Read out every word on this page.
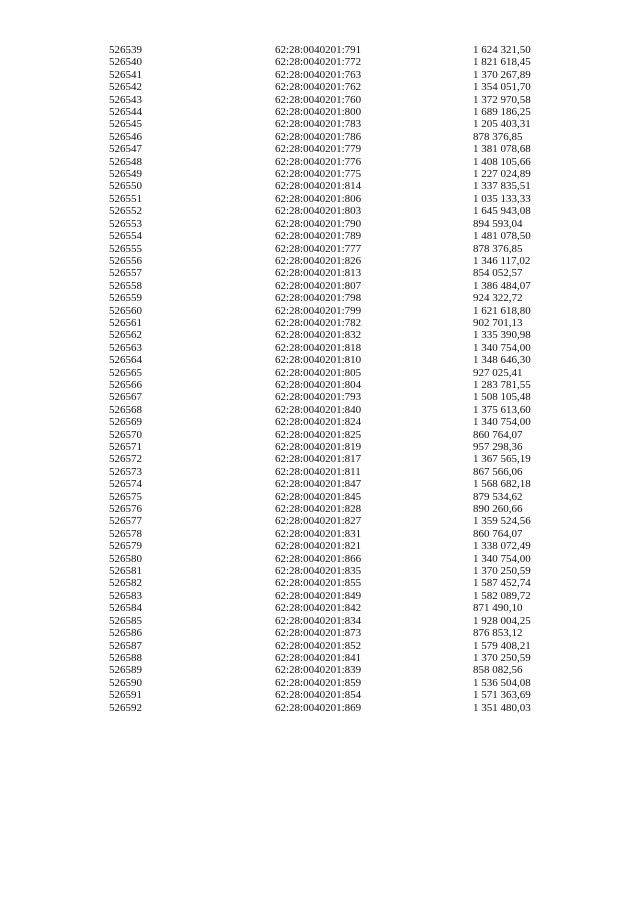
526539	62:28:0040201:791	1 624 321,50
526540	62:28:0040201:772	1 821 618,45
526541	62:28:0040201:763	1 370 267,89
526542	62:28:0040201:762	1 354 051,70
526543	62:28:0040201:760	1 372 970,58
526544	62:28:0040201:800	1 689 186,25
526545	62:28:0040201:783	1 205 403,31
526546	62:28:0040201:786	878 376,85
526547	62:28:0040201:779	1 381 078,68
526548	62:28:0040201:776	1 408 105,66
526549	62:28:0040201:775	1 227 024,89
526550	62:28:0040201:814	1 337 835,51
526551	62:28:0040201:806	1 035 133,33
526552	62:28:0040201:803	1 645 943,08
526553	62:28:0040201:790	894 593,04
526554	62:28:0040201:789	1 481 078,50
526555	62:28:0040201:777	878 376,85
526556	62:28:0040201:826	1 346 117,02
526557	62:28:0040201:813	854 052,57
526558	62:28:0040201:807	1 386 484,07
526559	62:28:0040201:798	924 322,72
526560	62:28:0040201:799	1 621 618,80
526561	62:28:0040201:782	902 701,13
526562	62:28:0040201:832	1 335 390,98
526563	62:28:0040201:818	1 340 754,00
526564	62:28:0040201:810	1 348 646,30
526565	62:28:0040201:805	927 025,41
526566	62:28:0040201:804	1 283 781,55
526567	62:28:0040201:793	1 508 105,48
526568	62:28:0040201:840	1 375 613,60
526569	62:28:0040201:824	1 340 754,00
526570	62:28:0040201:825	860 764,07
526571	62:28:0040201:819	957 298,36
526572	62:28:0040201:817	1 367 565,19
526573	62:28:0040201:811	867 566,06
526574	62:28:0040201:847	1 568 682,18
526575	62:28:0040201:845	879 534,62
526576	62:28:0040201:828	890 260,66
526577	62:28:0040201:827	1 359 524,56
526578	62:28:0040201:831	860 764,07
526579	62:28:0040201:821	1 338 072,49
526580	62:28:0040201:866	1 340 754,00
526581	62:28:0040201:835	1 370 250,59
526582	62:28:0040201:855	1 587 452,74
526583	62:28:0040201:849	1 582 089,72
526584	62:28:0040201:842	871 490,10
526585	62:28:0040201:834	1 928 004,25
526586	62:28:0040201:873	876 853,12
526587	62:28:0040201:852	1 579 408,21
526588	62:28:0040201:841	1 370 250,59
526589	62:28:0040201:839	858 082,56
526590	62:28:0040201:859	1 536 504,08
526591	62:28:0040201:854	1 571 363,69
526592	62:28:0040201:869	1 351 480,03
